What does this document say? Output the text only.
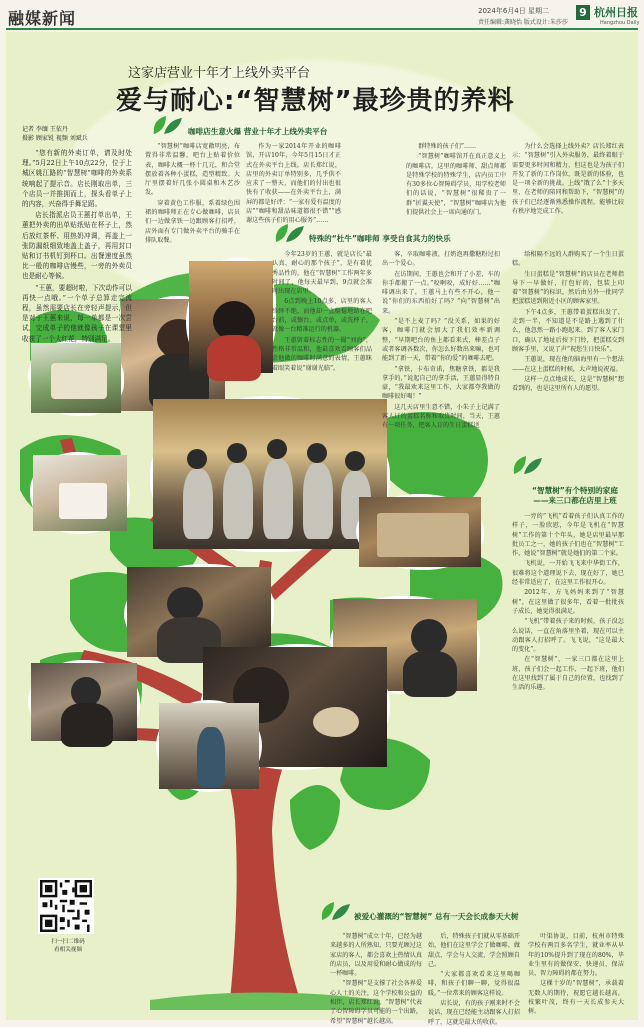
融媒新闻	2024年6月4日 星期二
责任编辑:龚晓怡 版式设计:朱莎莎
9 杭州日报
Hangzhou Daily
这家店营业十年才上线外卖平台
爱与耐心:“智慧树”最珍贵的养料
记者 李缅 王依丹
摄影 顾家锐 视频 刘斌兵

“您有新的外卖订单，请及时处理。”5月22日上午10点22分，位于上城区姚江路的“智慧树”咖啡的外卖系统响起了提示音。店长刚取出单，三个店员一并推拥而上，探头看单子上的内容，兴奋得手舞足蹈。

店长指派店员王蕙打单出单，王蕙把外卖的出单贴纸贴在杯子上，然后放红茶杯、用热奶冲调，再盖上一张防漏纸细致地盖上盖子，再用封口贴和订书机钉到杯口。出餐速度虽然比一般的咖啡店慢些，一旁的外卖员也是耐心等候。

“王蕙，要超时啦，下次动作可以再快一点哦。”一个单子总算走完流程，虽然需要店长在旁轻声提示，但是对于王蕙来说，每一单都是一次尝试，完成单子的他就像孩子在课堂里收获了一个大红花，特别满足。

咖啡店生意火爆 营业十年才上线外卖平台

“智慧树”咖啡店宽敞明亮，布置得非常温馨，吧台上贴着价位表，咖啡大概一杯十几元，和合堂摆放着各种小蛋糕，造型精致。大厅里摆着好几张小圆桌和木艺沙发。

穿着黄色工作服，系着绿色围裙的咖啡师正在专心做咖啡，店员们一边做拿铁一边跟顾客打招呼，店外面有专门做外卖平台的骑手在排队取餐。

作为一家2014年开业的咖啡馆，开店10年，今年5月15日才正式在外卖平台上线。店长郑红说，店里的外卖订单特别多，几乎供不应求了一整天，而他们的付出也很快有了收获——在外卖平台上，满屏的都是好评：“一家有爱有温度的店”“咖啡和甜品味道都很不错”“感谢这些孩子们的用心服务”……

群特殊的孩子们”……

“智慧树”咖啡馆开在真正意义上的咖啡店，这里的咖啡师、甜点师都是特殊学校的特殊学生，店内员工中有30多位心智障碍学员，用学校老师们的话说，“智慧树”很稀贵了一群“折翼天使”，“智慧树”咖啡店为他们提供社会上一席向通的门。

为什么会选择上线外卖？店长郑红表示：“智慧树”引入外卖服务，最终着眼于需要更多时间和精力，但这也是为孩子们开发了新的工作岗位，既是新的体验，也是一项全新的挑战。上线“饿了么”十多天里，在老师的陪同和帮助下，“智慧树”的孩子们已经逐渐熟悉操作流程，能够比较有秩序地完成工作。

特殊的“杜牛”咖啡师 享受自食其力的快乐

今年23岁的王蕙，就是店长“最认真、耐心的那个孩子”，是有着优秀品性的，他在“智慧树”工作两年多时间了，他每天最早到，9点就会准时出现在店里。

6点到晚上10点多，店里的客人络绎不绝，而他却一直稳稳地站在吧台前，或擦台、或点单，或洗杯子，就像一台精准运行的机器。

王蕙留着标志性的一撮“刘海”，性格非常温和，他最喜欢看顾客们品尝他做的咖啡时满意的表情，王蕙眯着眼笑着说“谢谢光临”。

客，卒取咖啡液，打奶泡再撒糖粉过扣出一个爱心。

在访期间，王蕙也会和开了小差，车的你手都搬了一点。”咬啊咬，成好好……”咖啡调出来了，王蕙马上有些不开心，他一说“你们的东西拍好了吗？”向“智慧树”出来。

“是不上麦了吗？”没关系，如果的好客，咖啡门就会加大了我们效率新调整，“早期吧台的鱼上都看来式，棒差点子或者客调各数次，你怎么好数出来嘛，也可能到了新一天，带着“你的爱”的咖啡去吧。

“拿铁，卡布奇诺，焦糖拿铁，都是我拿手的，”说起自己的拿手活，王蕙显得特自豪，“我最欢来这里工作，大家都夸我做的咖啡很好喝！”

这几天店里生意不错，小朱子上记满了客人订的蛋糕名称和取货时间，当天，王蕙有一项任务，把客人订的生日蛋糕送

给相隔不远的人群购买了一个生日蛋糕。

生日蛋糕是“智慧树”的店员在老师指导下一早做好，打包好的，包装上印着“智慧树”的标识，然后由另外一批同学把蛋糕送到附近小区的顾客家里。

下午4点多，王蕙带着蛋糕出发了，走到一半，不知道是不是路上遇到了什么，他忽然一路小跑起来。到了客人家门口，确认了地址后按下门铃，把蛋糕交到顾客手里，又说了声“祝您生日快乐”。

王蕙说，现在他的脑海里有一个想法——在这上蛋糕的时候，大声地说祝福。

这样一点点地成长，这是“智慧树”想看到的，也是这里所有人的愿望。

“智慧树”有个特别的家庭
——来三口都在店里上班

一旁的“飞机”看着孩子们认真工作的样子，一脸欣慰，今年是飞机在“智慧树”工作的第十个年头，她是店里最早那批员工之一，她的孩子们也在“智慧树”工作，她说“智慧树”就是她们的第二个家。

飞机说，一开始飞飞来中华街工作，很难将这个道理说下去，现在好了，她已经非常适应了，在这里工作很开心。

2012年，方飞妈妈来到了“智慧树”，在这里做了很多年，看着一批批孩子成长，她觉得很满足。

“飞机”带着孩子来的时候，孩子没怎么说话，一直在角落里坐着，现在可以主动跟客人打招呼了。飞飞说，“这是最大的变化”。

在“智慧树”，一家三口都在这里上班，孩子们会一起工作、一起下班，他们在这里找到了属于自己的位置，也找到了生活的乐趣。

被爱心灌溉的“智慧树” 总有一天会长成参天大树

“智慧树”成立十年，已经为越来越多的人所熟知，只要光顾过这家店的客人，都会喜欢上热情认真的店员，以及用爱和耐心做成的每一杯咖啡。

“智慧树”是支撑了社会各界爱心人士的关注，这个学校和公益的相伴，店长郑红说，“智慧树”代表了心智障碍学员可能的一个出路，希望“智慧树”越长越高。

后，特殊孩子们就从零基础开始，他们在这里学会了做咖啡、做甜点，学会与人交流，学会照顾自己。

“大家都喜欢看来这里喝咖啡，和孩子们聊一聊，觉得很温暖。”一位常来的顾客这样说。

店长说，有的孩子刚来时不会说话，现在已经能主动跟客人打招呼了，这就是最大的收获。

叶渠协说，目前，杭州市特殊学校有两百多名学生，就业率从早年的10%提升到了现在的80%，毕业生里有的做保安、快递员、保洁员，智力障碍的都在努力。

这棵十岁的“智慧树”，承载着无数人的期待，祝愿它越长越高，枝繁叶茂，终有一天长成参天大树。

扫一扫二维码
看相关视频
